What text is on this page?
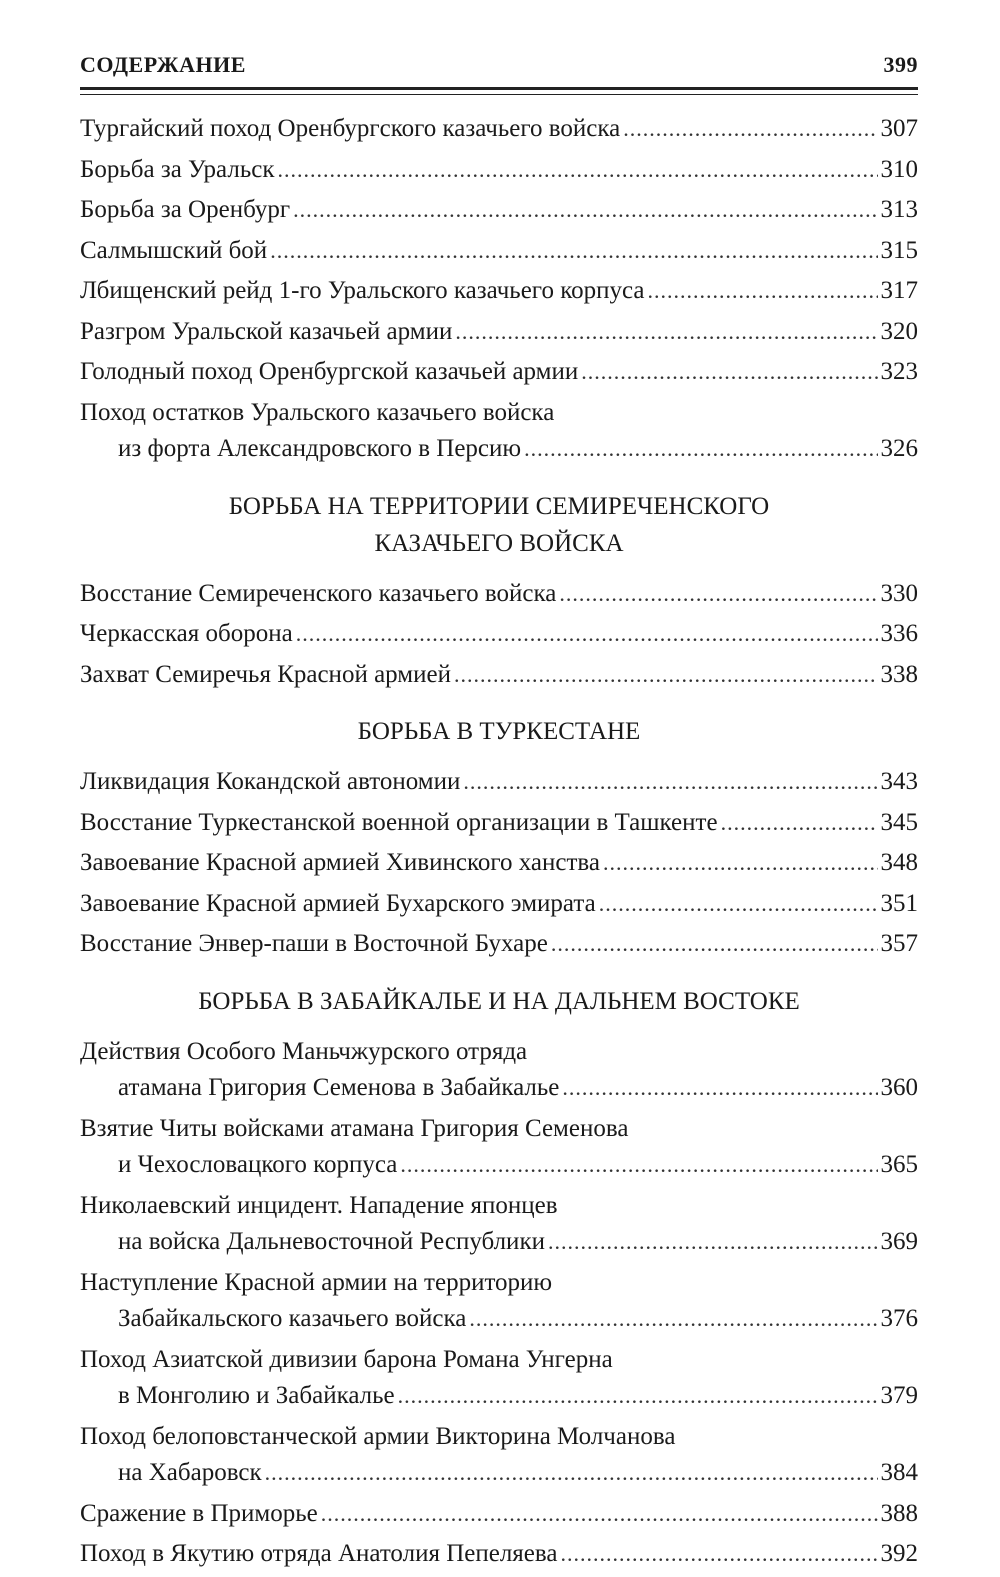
СОДЕРЖАНИЕ	399
Тургайский поход Оренбургского казачьего войска .....	307
Борьба за Уральск .....	310
Борьба за Оренбург .....	313
Салмышский бой .....	315
Лбищенский рейд 1-го Уральского казачьего корпуса .....	317
Разгром Уральской казачьей армии .....	320
Голодный поход Оренбургской казачьей армии .....	323
Поход остатков Уральского казачьего войска
из форта Александровского в Персию .....	326
БОРЬБА НА ТЕРРИТОРИИ СЕМИРЕЧЕНСКОГО
КАЗАЧЬЕГО ВОЙСКА
Восстание Семиреченского казачьего войска .....	330
Черкасская оборона .....	336
Захват Семиречья Красной армией .....	338
БОРЬБА В ТУРКЕСТАНЕ
Ликвидация Кокандской автономии .....	343
Восстание Туркестанской военной организации в Ташкенте .....	345
Завоевание Красной армией Хивинского ханства .....	348
Завоевание Красной армией Бухарского эмирата .....	351
Восстание Энвер-паши в Восточной Бухаре .....	357
БОРЬБА В ЗАБАЙКАЛЬЕ И НА ДАЛЬНЕМ ВОСТОКЕ
Действия Особого Маньчжурского отряда
атамана Григория Семенова в Забайкалье .....	360
Взятие Читы войсками атамана Григория Семенова
и Чехословацкого корпуса .....	365
Николаевский инцидент. Нападение японцев
на войска Дальневосточной Республики .....	369
Наступление Красной армии на территорию
Забайкальского казачьего войска .....	376
Поход Азиатской дивизии барона Романа Унгерна
в Монголию и Забайкалье .....	379
Поход белоповстанческой армии Викторина Молчанова
на Хабаровск .....	384
Сражение в Приморье .....	388
Поход в Якутию отряда Анатолия Пепеляева .....	392
